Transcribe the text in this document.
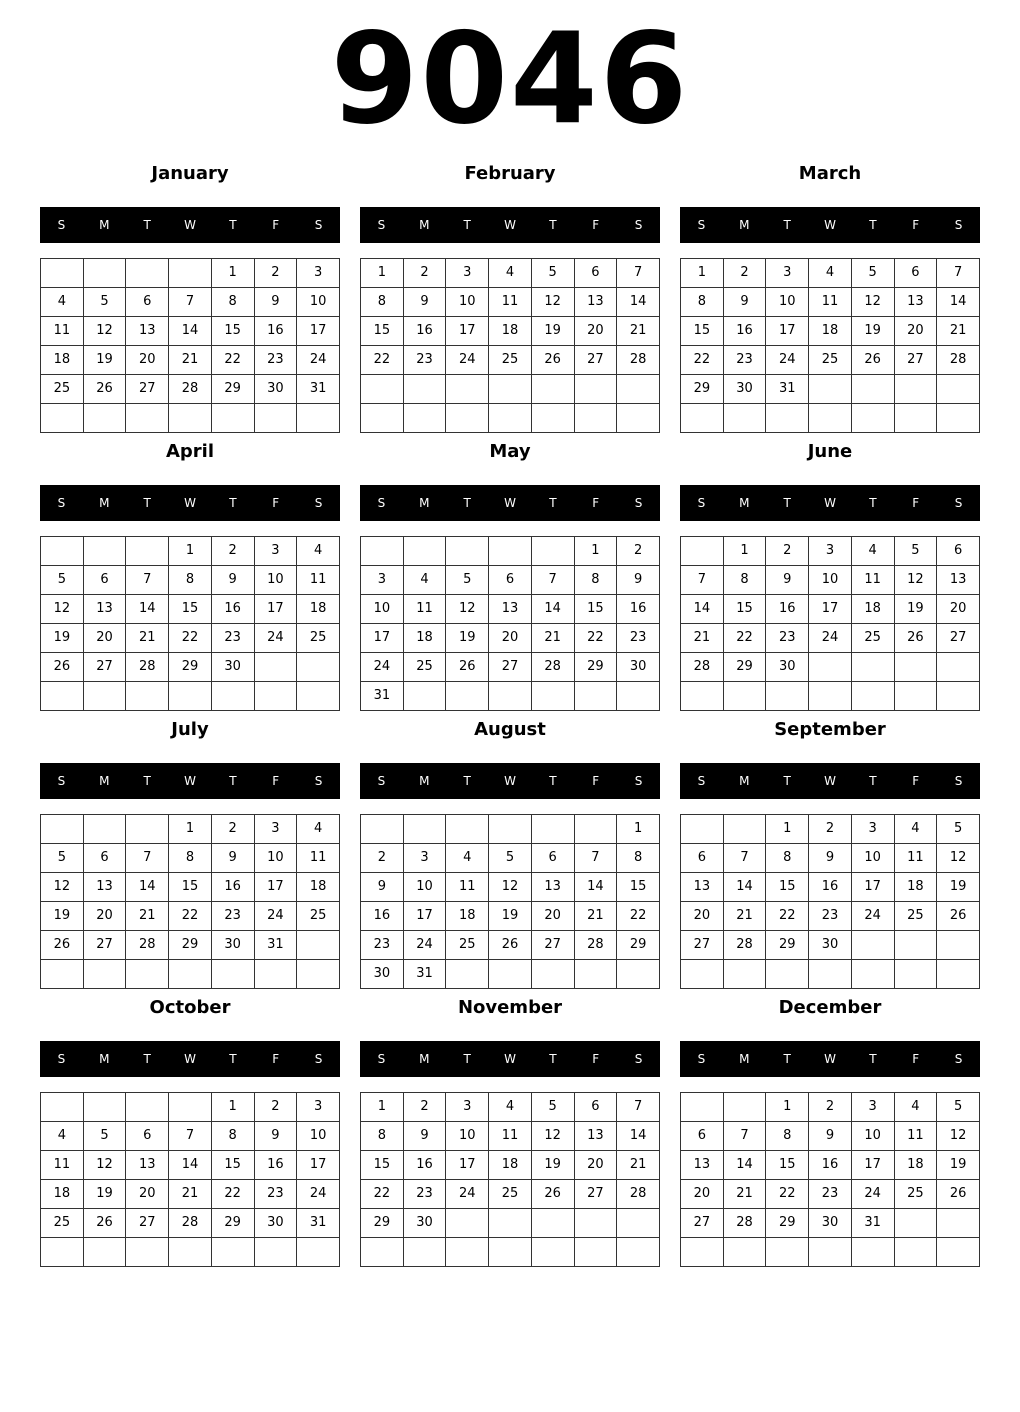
9046
January
S	M	T	W	T	F	S
				1	2	3
4	5	6	7	8	9	10
11	12	13	14	15	16	17
18	19	20	21	22	23	24
25	26	27	28	29	30	31

February
S	M	T	W	T	F	S
1	2	3	4	5	6	7
8	9	10	11	12	13	14
15	16	17	18	19	20	21
22	23	24	25	26	27	28

March
S	M	T	W	T	F	S
1	2	3	4	5	6	7
8	9	10	11	12	13	14
15	16	17	18	19	20	21
22	23	24	25	26	27	28
29	30	31				

April
S	M	T	W	T	F	S
			1	2	3	4
5	6	7	8	9	10	11
12	13	14	15	16	17	18
19	20	21	22	23	24	25
26	27	28	29	30		

May
S	M	T	W	T	F	S
					1	2
3	4	5	6	7	8	9
10	11	12	13	14	15	16
17	18	19	20	21	22	23
24	25	26	27	28	29	30
31						
June
S	M	T	W	T	F	S
	1	2	3	4	5	6
7	8	9	10	11	12	13
14	15	16	17	18	19	20
21	22	23	24	25	26	27
28	29	30				

July
S	M	T	W	T	F	S
			1	2	3	4
5	6	7	8	9	10	11
12	13	14	15	16	17	18
19	20	21	22	23	24	25
26	27	28	29	30	31	

August
S	M	T	W	T	F	S
						1
2	3	4	5	6	7	8
9	10	11	12	13	14	15
16	17	18	19	20	21	22
23	24	25	26	27	28	29
30	31					
September
S	M	T	W	T	F	S
		1	2	3	4	5
6	7	8	9	10	11	12
13	14	15	16	17	18	19
20	21	22	23	24	25	26
27	28	29	30			

October
S	M	T	W	T	F	S
				1	2	3
4	5	6	7	8	9	10
11	12	13	14	15	16	17
18	19	20	21	22	23	24
25	26	27	28	29	30	31

November
S	M	T	W	T	F	S
1	2	3	4	5	6	7
8	9	10	11	12	13	14
15	16	17	18	19	20	21
22	23	24	25	26	27	28
29	30					

December
S	M	T	W	T	F	S
		1	2	3	4	5
6	7	8	9	10	11	12
13	14	15	16	17	18	19
20	21	22	23	24	25	26
27	28	29	30	31		
